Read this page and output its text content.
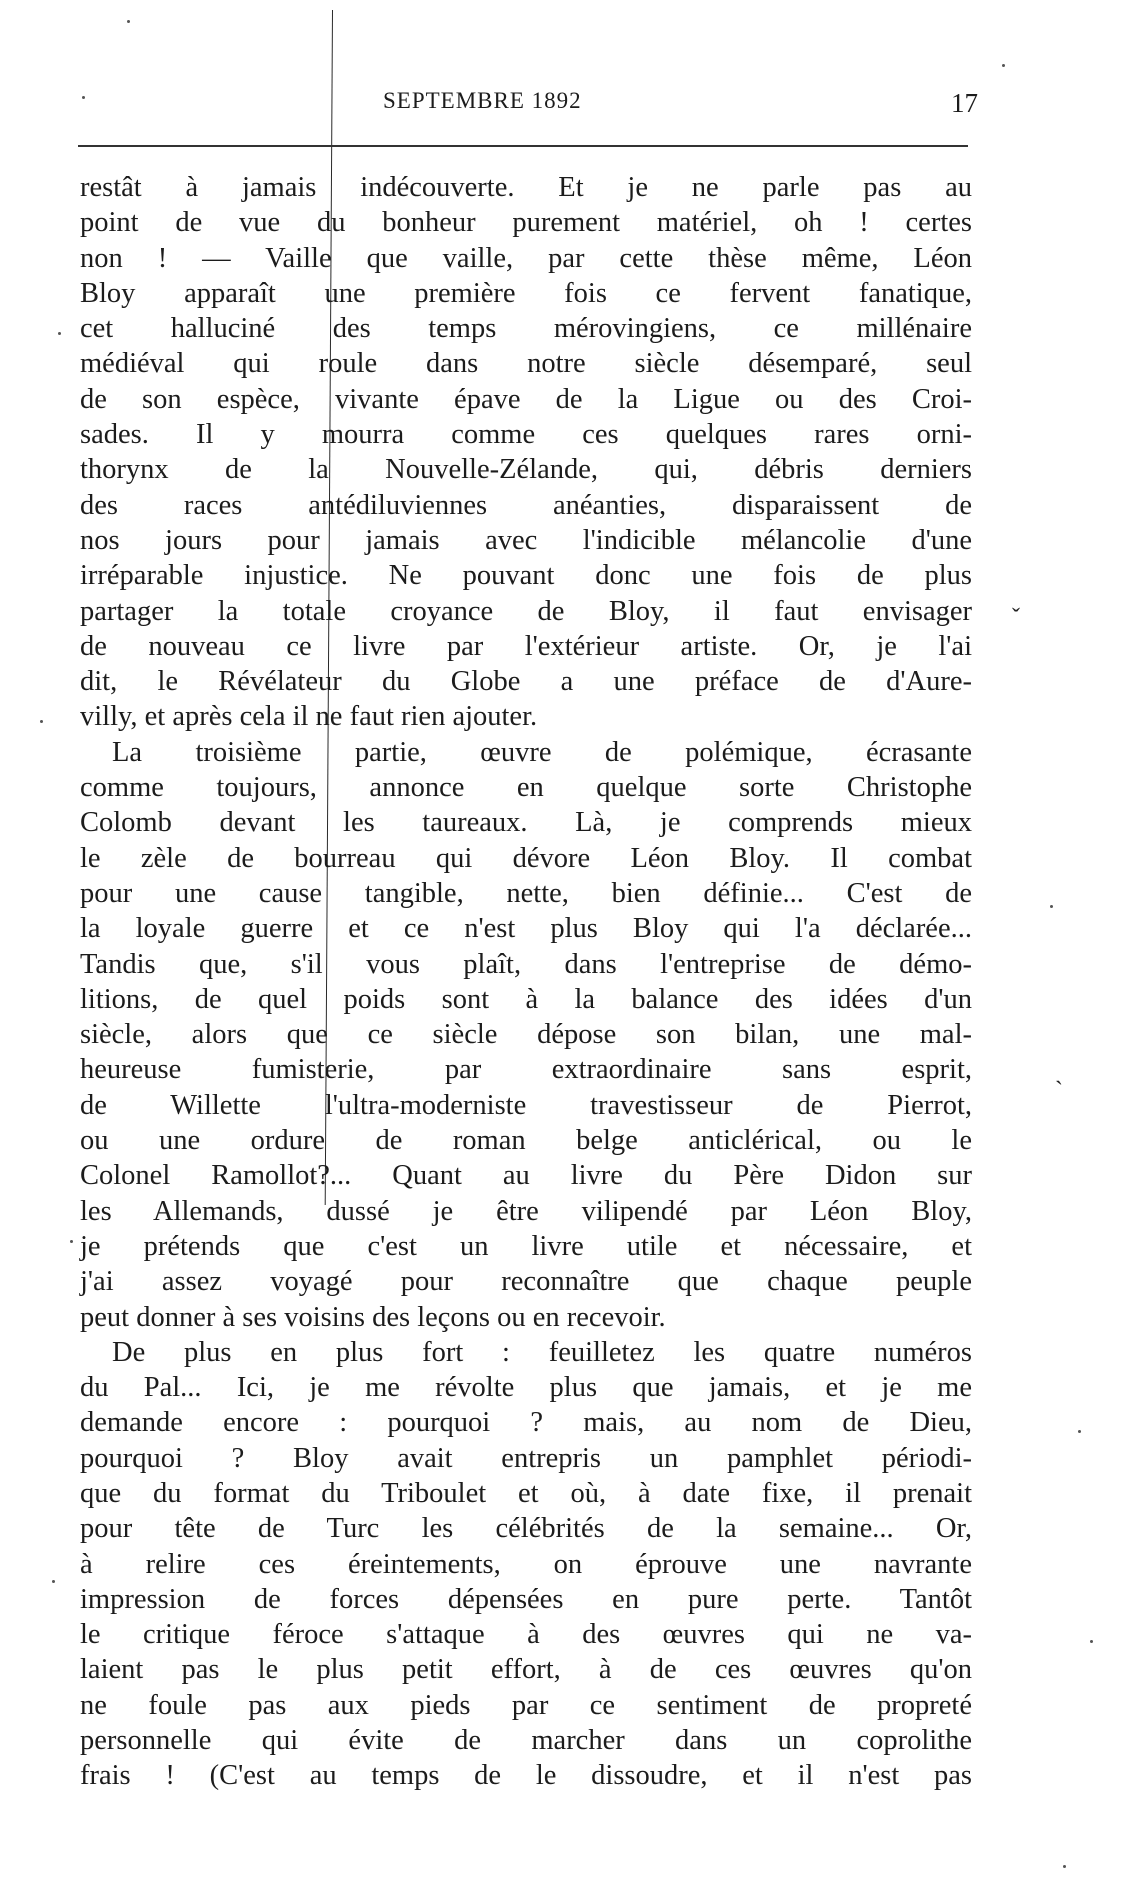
SEPTEMBRE 1892	17
restât à jamais indécouverte. Et je ne parle pas au
point de vue du bonheur purement matériel, oh ! certes
non ! — Vaille que vaille, par cette thèse même, Léon
Bloy apparaît une première fois ce fervent fanatique,
cet halluciné des temps mérovingiens, ce millénaire
médiéval qui roule dans notre siècle désemparé, seul
de son espèce, vivante épave de la Ligue ou des Croi-
sades. Il y mourra comme ces quelques rares orni-
thorynx de la Nouvelle-Zélande, qui, débris derniers
des races antédiluviennes anéanties, disparaissent de
nos jours pour jamais avec l'indicible mélancolie d'une
irréparable injustice. Ne pouvant donc une fois de plus
partager la totale croyance de Bloy, il faut envisager
de nouveau ce livre par l'extérieur artiste. Or, je l'ai
dit, le Révélateur du Globe a une préface de d'Aure-
villy, et après cela il ne faut rien ajouter.
La troisième partie, œuvre de polémique, écrasante
comme toujours, annonce en quelque sorte Christophe
Colomb devant les taureaux. Là, je comprends mieux
le zèle de bourreau qui dévore Léon Bloy. Il combat
pour une cause tangible, nette, bien définie... C'est de
la loyale guerre et ce n'est plus Bloy qui l'a déclarée...
Tandis que, s'il vous plaît, dans l'entreprise de démo-
litions, de quel poids sont à la balance des idées d'un
siècle, alors que ce siècle dépose son bilan, une mal-
heureuse fumisterie, par extraordinaire sans esprit,
de Willette l'ultra-moderniste travestisseur de Pierrot,
ou une ordure de roman belge anticlérical, ou le
Colonel Ramollot?... Quant au livre du Père Didon sur
les Allemands, dussé je être vilipendé par Léon Bloy,
je prétends que c'est un livre utile et nécessaire, et
j'ai assez voyagé pour reconnaître que chaque peuple
peut donner à ses voisins des leçons ou en recevoir.
De plus en plus fort : feuilletez les quatre numéros
du Pal... Ici, je me révolte plus que jamais, et je me
demande encore : pourquoi ? mais, au nom de Dieu,
pourquoi ? Bloy avait entrepris un pamphlet périodi-
que du format du Triboulet et où, à date fixe, il prenait
pour tête de Turc les célébrités de la semaine... Or,
à relire ces éreintements, on éprouve une navrante
impression de forces dépensées en pure perte. Tantôt
le critique féroce s'attaque à des œuvres qui ne va-
laient pas le plus petit effort, à de ces œuvres qu'on
ne foule pas aux pieds par ce sentiment de propreté
personnelle qui évite de marcher dans un coprolithe
frais ! (C'est au temps de le dissoudre, et il n'est pas
ˇ
ˋ
